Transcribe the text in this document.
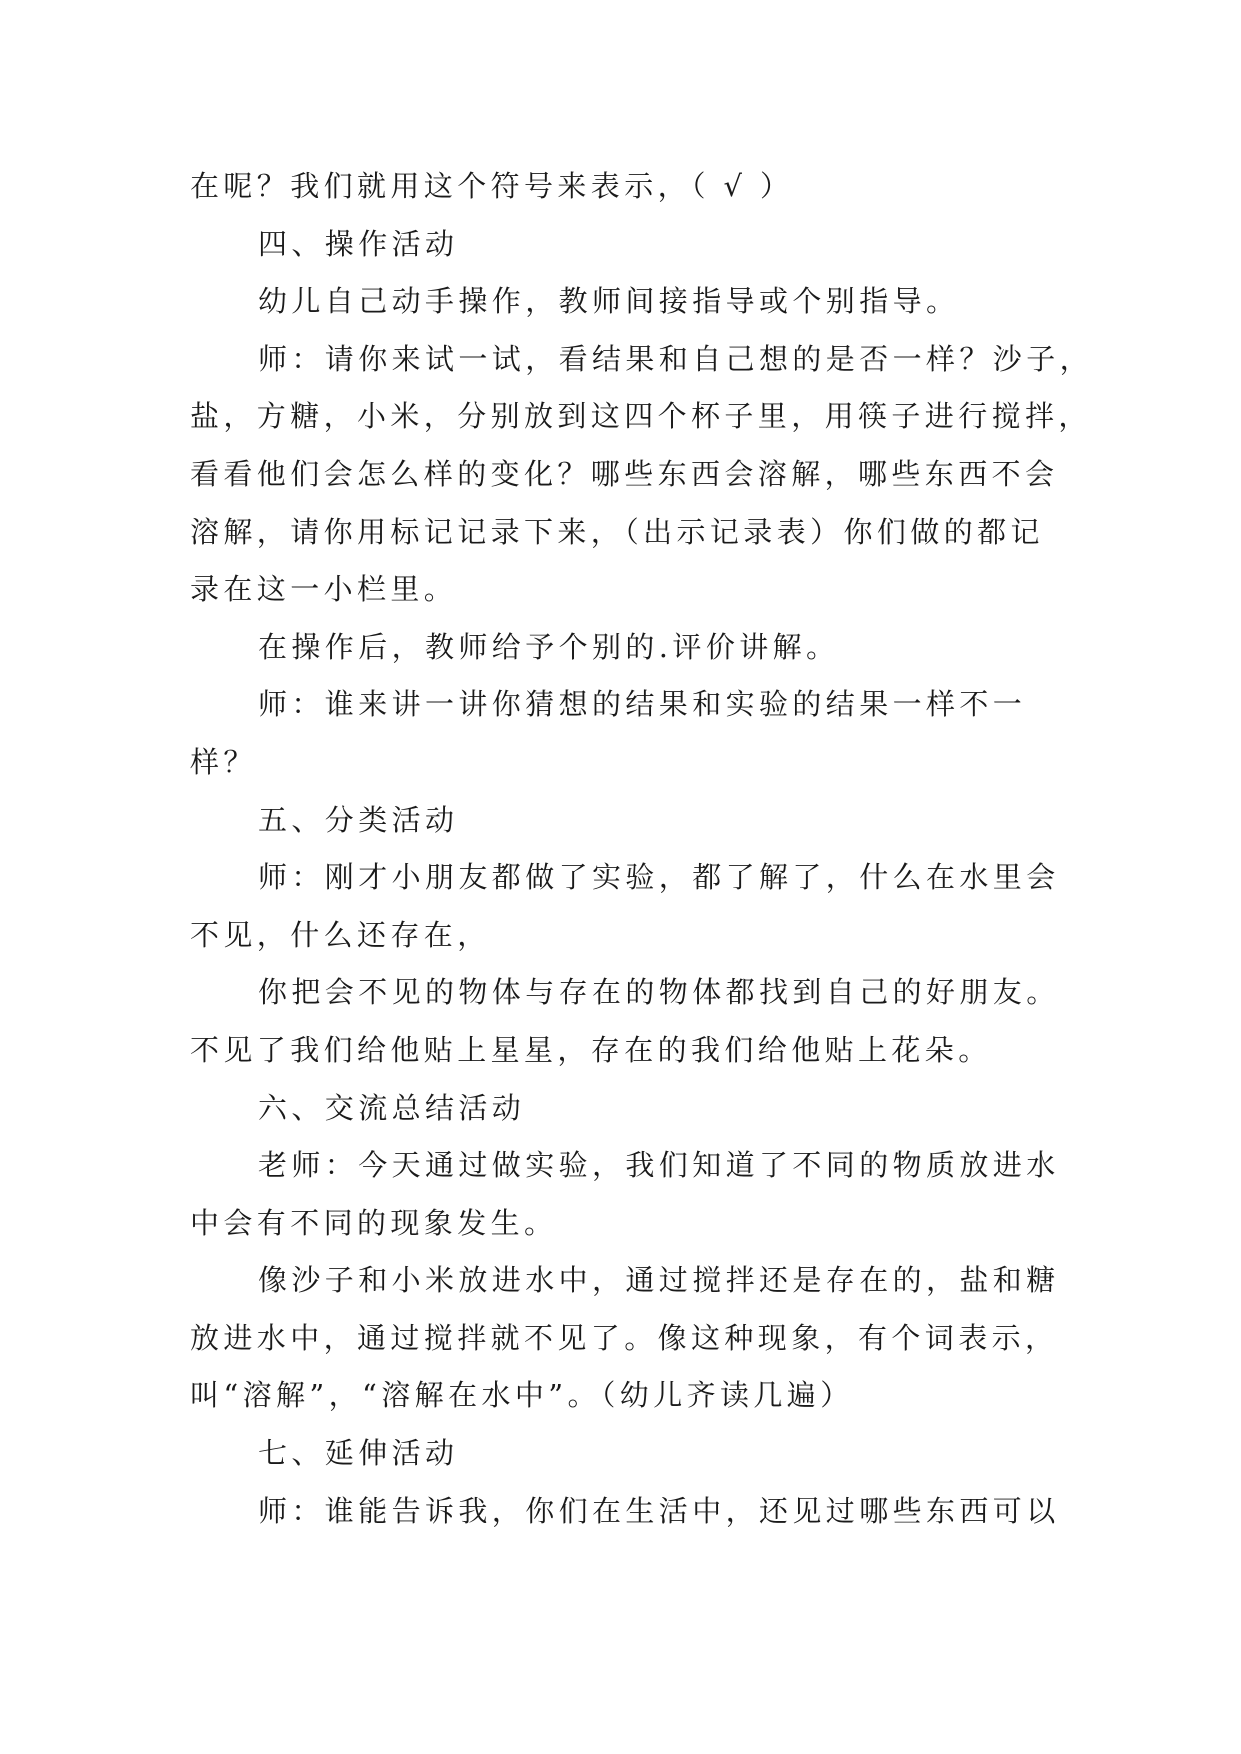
在呢？我们就用这个符号来表示，（ √ ）

四、操作活动

幼儿自己动手操作，教师间接指导或个别指导。

师：请你来试一试，看结果和自己想的是否一样？沙子，

盐，方糖，小米，分别放到这四个杯子里，用筷子进行搅拌，

看看他们会怎么样的变化？哪些东西会溶解，哪些东西不会

溶解，请你用标记记录下来，（出示记录表）你们做的都记

录在这一小栏里。

在操作后，教师给予个别的.评价讲解。

师：谁来讲一讲你猜想的结果和实验的结果一样不一

样？

五、分类活动

师：刚才小朋友都做了实验，都了解了，什么在水里会

不见，什么还存在，

你把会不见的物体与存在的物体都找到自己的好朋友。

不见了我们给他贴上星星，存在的我们给他贴上花朵。

六、交流总结活动

老师：今天通过做实验，我们知道了不同的物质放进水

中会有不同的现象发生。

像沙子和小米放进水中，通过搅拌还是存在的，盐和糖

放进水中，通过搅拌就不见了。像这种现象，有个词表示，

叫“溶解”，“溶解在水中”。（幼儿齐读几遍）

七、延伸活动

师：谁能告诉我，你们在生活中，还见过哪些东西可以
